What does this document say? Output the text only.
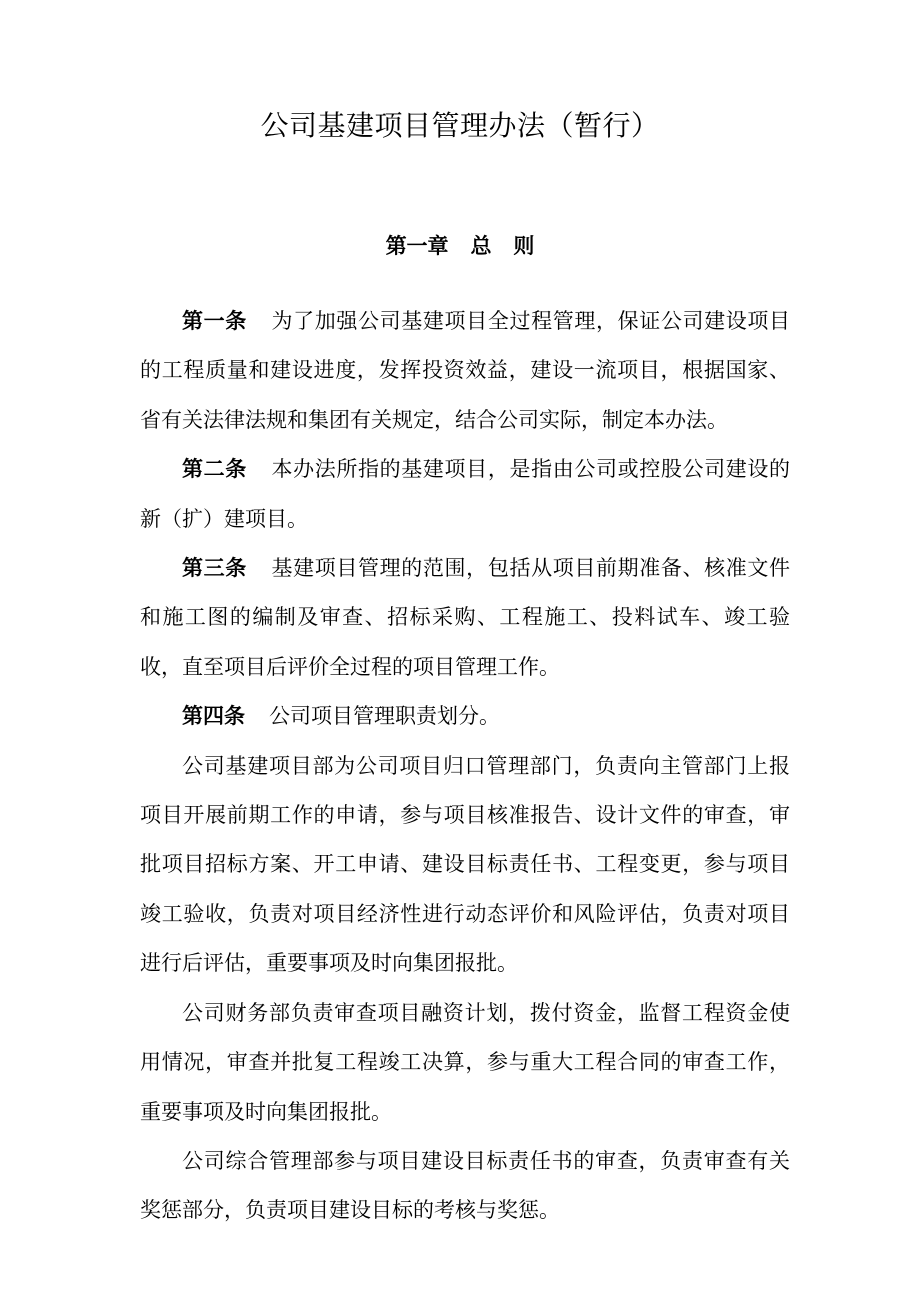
公司基建项目管理办法（暂行）
第一章   总   则

第一条 为了加强公司基建项目全过程管理，保证公司建设项目的工程质量和建设进度，发挥投资效益，建设一流项目，根据国家、省有关法律法规和集团有关规定，结合公司实际，制定本办法。

第二条 本办法所指的基建项目，是指由公司或控股公司建设的新（扩）建项目。

第三条 基建项目管理的范围，包括从项目前期准备、核准文件和施工图的编制及审查、招标采购、工程施工、投料试车、竣工验收，直至项目后评价全过程的项目管理工作。

第四条 公司项目管理职责划分。

公司基建项目部为公司项目归口管理部门，负责向主管部门上报项目开展前期工作的申请，参与项目核准报告、设计文件的审查，审批项目招标方案、开工申请、建设目标责任书、工程变更，参与项目竣工验收，负责对项目经济性进行动态评价和风险评估，负责对项目进行后评估，重要事项及时向集团报批。

公司财务部负责审查项目融资计划，拨付资金，监督工程资金使用情况，审查并批复工程竣工决算，参与重大工程合同的审查工作，重要事项及时向集团报批。

公司综合管理部参与项目建设目标责任书的审查，负责审查有关奖惩部分，负责项目建设目标的考核与奖惩。
